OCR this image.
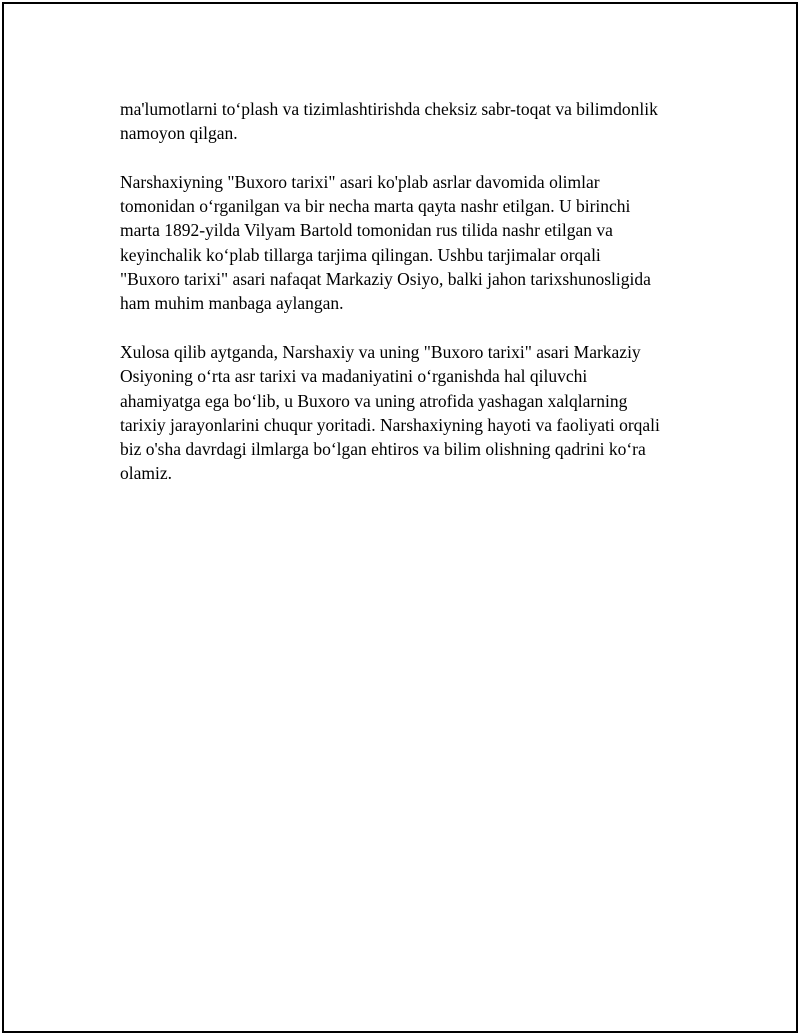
ma'lumotlarni to‘plash va tizimlashtirishda cheksiz sabr-toqat va bilimdonlik
namoyon qilgan.

Narshaxiyning "Buxoro tarixi" asari ko'plab asrlar davomida olimlar
tomonidan o‘rganilgan va bir necha marta qayta nashr etilgan. U birinchi
marta 1892-yilda Vilyam Bartold tomonidan rus tilida nashr etilgan va
keyinchalik ko‘plab tillarga tarjima qilingan. Ushbu tarjimalar orqali
"Buxoro tarixi" asari nafaqat Markaziy Osiyo, balki jahon tarixshunosligida
ham muhim manbaga aylangan.

Xulosa qilib aytganda, Narshaxiy va uning "Buxoro tarixi" asari Markaziy
Osiyoning o‘rta asr tarixi va madaniyatini o‘rganishda hal qiluvchi
ahamiyatga ega bo‘lib, u Buxoro va uning atrofida yashagan xalqlarning
tarixiy jarayonlarini chuqur yoritadi. Narshaxiyning hayoti va faoliyati orqali
biz o'sha davrdagi ilmlarga bo‘lgan ehtiros va bilim olishning qadrini ko‘ra
olamiz.
